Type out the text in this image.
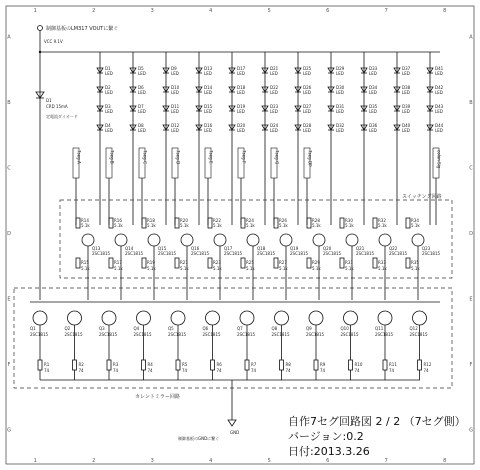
1
1
2
2
3
3
4
4
5
5
6
6
7
7
8
8
A	A
B	B
C	C
D	D
E	E
F	F
G	G
制御基板のLM317 VOUTに繋ぐ
VCC 9.1V
D1
CRD 15mA
定電流ダイオード
D1
LED
D2
LED
D3
LED
D4
LED
D5
LED
D6
LED
D7
LED
D8
LED
D9
LED
D10
LED
D11
LED
D12
LED
D13
LED
D14
LED
D15
LED
D16
LED
D17
LED
D18
LED
D19
LED
D20
LED
D21
LED
D22
LED
D23
LED
D24
LED
D25
LED
D26
LED
D27
LED
D28
LED
D29
LED
D30
LED
D31
LED
D32
LED
D33
LED
D34
LED
D35
LED
D36
LED
D37
LED
D38
LED
D39
LED
D40
LED
D41
LED
D42
LED
D43
LED
D44
LED
7seg-A	7seg-B	7seg-C	7seg-D	7seg-E	7seg-F	7seg-G	7seg-DP	colon-Sig
スイッチング回路
R14
5.1k
Q13
2SC1815
R15
5.1k
R16
5.1k
Q14
2SC1815
R17
5.1k
R18
5.1k
Q15
2SC1815
R19
5.1k
R20
5.1k
Q16
2SC1815
R21
5.1k
R22
5.1k
Q17
2SC1815
R23
5.1k
R24
5.1k
Q18
2SC1815
R25
5.1k
R26
5.1k
Q19
2SC1815
R27
5.1k
R28
5.1k
Q20
2SC1815
R29
5.1k
R30
5.1k
Q21
2SC1815
R31
5.1k
R32
5.1k
Q22
2SC1815
R33
5.1k
R34
5.1k
Q23
2SC1815
R35
5.1k
カレントミラー回路
Q1
2SC1815
R1
74
Q2
2SC1815
R2
74
Q3
2SC1815
R3
74
Q4
2SC1815
R4
74
Q5
2SC1815
R5
74
Q6
2SC1815
R6
74
Q7
2SC1815
R7
74
Q8
2SC1815
R8
74
Q9
2SC1815
R9
74
Q10
2SC1815
R10
74
Q11
2SC1815
R11
74
Q12
2SC1815
R12
74
制御基板のGNDに繋ぐ
GND
自作7セグ回路図 2 / 2 （7セグ側）
バージョン:0.2
日付:2013.3.26
